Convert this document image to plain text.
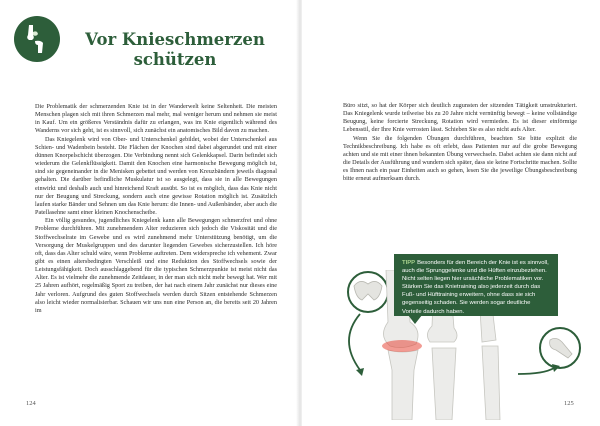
Vor Knieschmerzen
schützen

Die Problematik der schmerzenden Knie ist in der Wanderwelt keine Seltenheit. Die meisten Menschen plagen sich mit ihren Schmerzen mal mehr, mal weniger herum und nehmen sie meist in Kauf. Um ein größeres Verständnis dafür zu erlangen, was im Knie eigentlich während des Wanderns vor sich geht, ist es sinnvoll, sich zunächst ein anatomisches Bild davon zu machen.

Das Kniegelenk wird von Ober- und Unterschenkel gebildet, wobei der Unterschenkel aus Schien- und Wadenbein besteht. Die Flächen der Knochen sind dabei abgerundet und mit einer dünnen Knorpelschicht überzogen. Die Verbindung nennt sich Gelenkkapsel. Darin befindet sich wiederum die Gelenkflüssigkeit. Damit den Knochen eine harmonische Bewegung möglich ist, sind sie gegeneinander in die Menisken gebettet und werden von Kreuzbändern jeweils diagonal gehalten. Die darüber befindliche Muskulatur ist so ausgelegt, dass sie in alle Bewegungen einwirkt und deshalb auch und hinreichend Kraft ausübt. So ist es möglich, dass das Knie nicht nur der Beugung und Streckung, sondern auch eine gewisse Rotation möglich ist. Zusätzlich laufen starke Bänder und Sehnen um das Knie herum: die Innen- und Außenbänder, aber auch die Patellasehne samt einer kleinen Knochenscheibe.

Ein völlig gesundes, jugendliches Kniegelenk kann alle Bewegungen schmerzfrei und ohne Probleme durchführen. Mit zunehmendem Alter reduzieren sich jedoch die Viskosität und die Stoffwechselrate im Gewebe und es wird zunehmend mehr Unterstützung benötigt, um die Versorgung der Muskelgruppen und des darunter liegenden Gewebes sicherzustellen. Ich höre oft, dass das Alter schuld wäre, wenn Probleme auftreten. Dem widerspreche ich vehement. Zwar gibt es einen altersbedingten Verschleiß und eine Reduktion des Stoffwechsels sowie der Leistungsfähigkeit. Doch ausschlaggebend für die typischen Schmerzpunkte ist meist nicht das Alter. Es ist vielmehr die zunehmende Zeitdauer, in der man sich nicht mehr bewegt hat. Wer mit 25 Jahren aufhört, regelmäßig Sport zu treiben, der hat nach einem Jahr zunächst nur dieses eine Jahr verloren. Aufgrund des guten Stoffwechsels werden durch Sitzen entstehende Schmerzen also leicht wieder normalisierbar. Schauen wir uns nun eine Person an, die bereits seit 20 Jahren im

124

Büro sitzt, so hat der Körper sich deutlich zugunsten der sitzenden Tätigkeit umstrukturiert. Das Kniegelenk wurde teilweise bis zu 20 Jahre nicht vernünftig bewegt – keine vollständige Beugung, keine forcierte Streckung, Rotation wird vermieden. Es ist dieser einförmige Lebensstil, der Ihre Knie verrosten lässt. Schieben Sie es also nicht aufs Alter.

Wenn Sie die folgenden Übungen durchführen, beachten Sie bitte explizit die Technikbeschreibung. Ich habe es oft erlebt, dass Patienten nur auf die grobe Bewegung achten und sie mit einer ihnen bekannten Übung verwechseln. Dabei achten sie dann nicht auf die Details der Ausführung und wundern sich später, dass sie keine Fortschritte machen. Sollte es Ihnen nach ein paar Einheiten auch so gehen, lesen Sie die jeweilige Übungsbeschreibung bitte erneut aufmerksam durch.

TIPP Besonders für den Bereich der Knie ist es sinnvoll, auch die Sprunggelenke und die Hüften einzubeziehen. Nicht selten liegen hier ursächliche Problematiken vor. Stärken Sie das Knietraining also jederzeit durch das Fuß- und Hüfttraining erweitern, ohne dass sie sich gegenseitig schaden. Sie werden sogar deutliche Vorteile dadurch haben.
125
